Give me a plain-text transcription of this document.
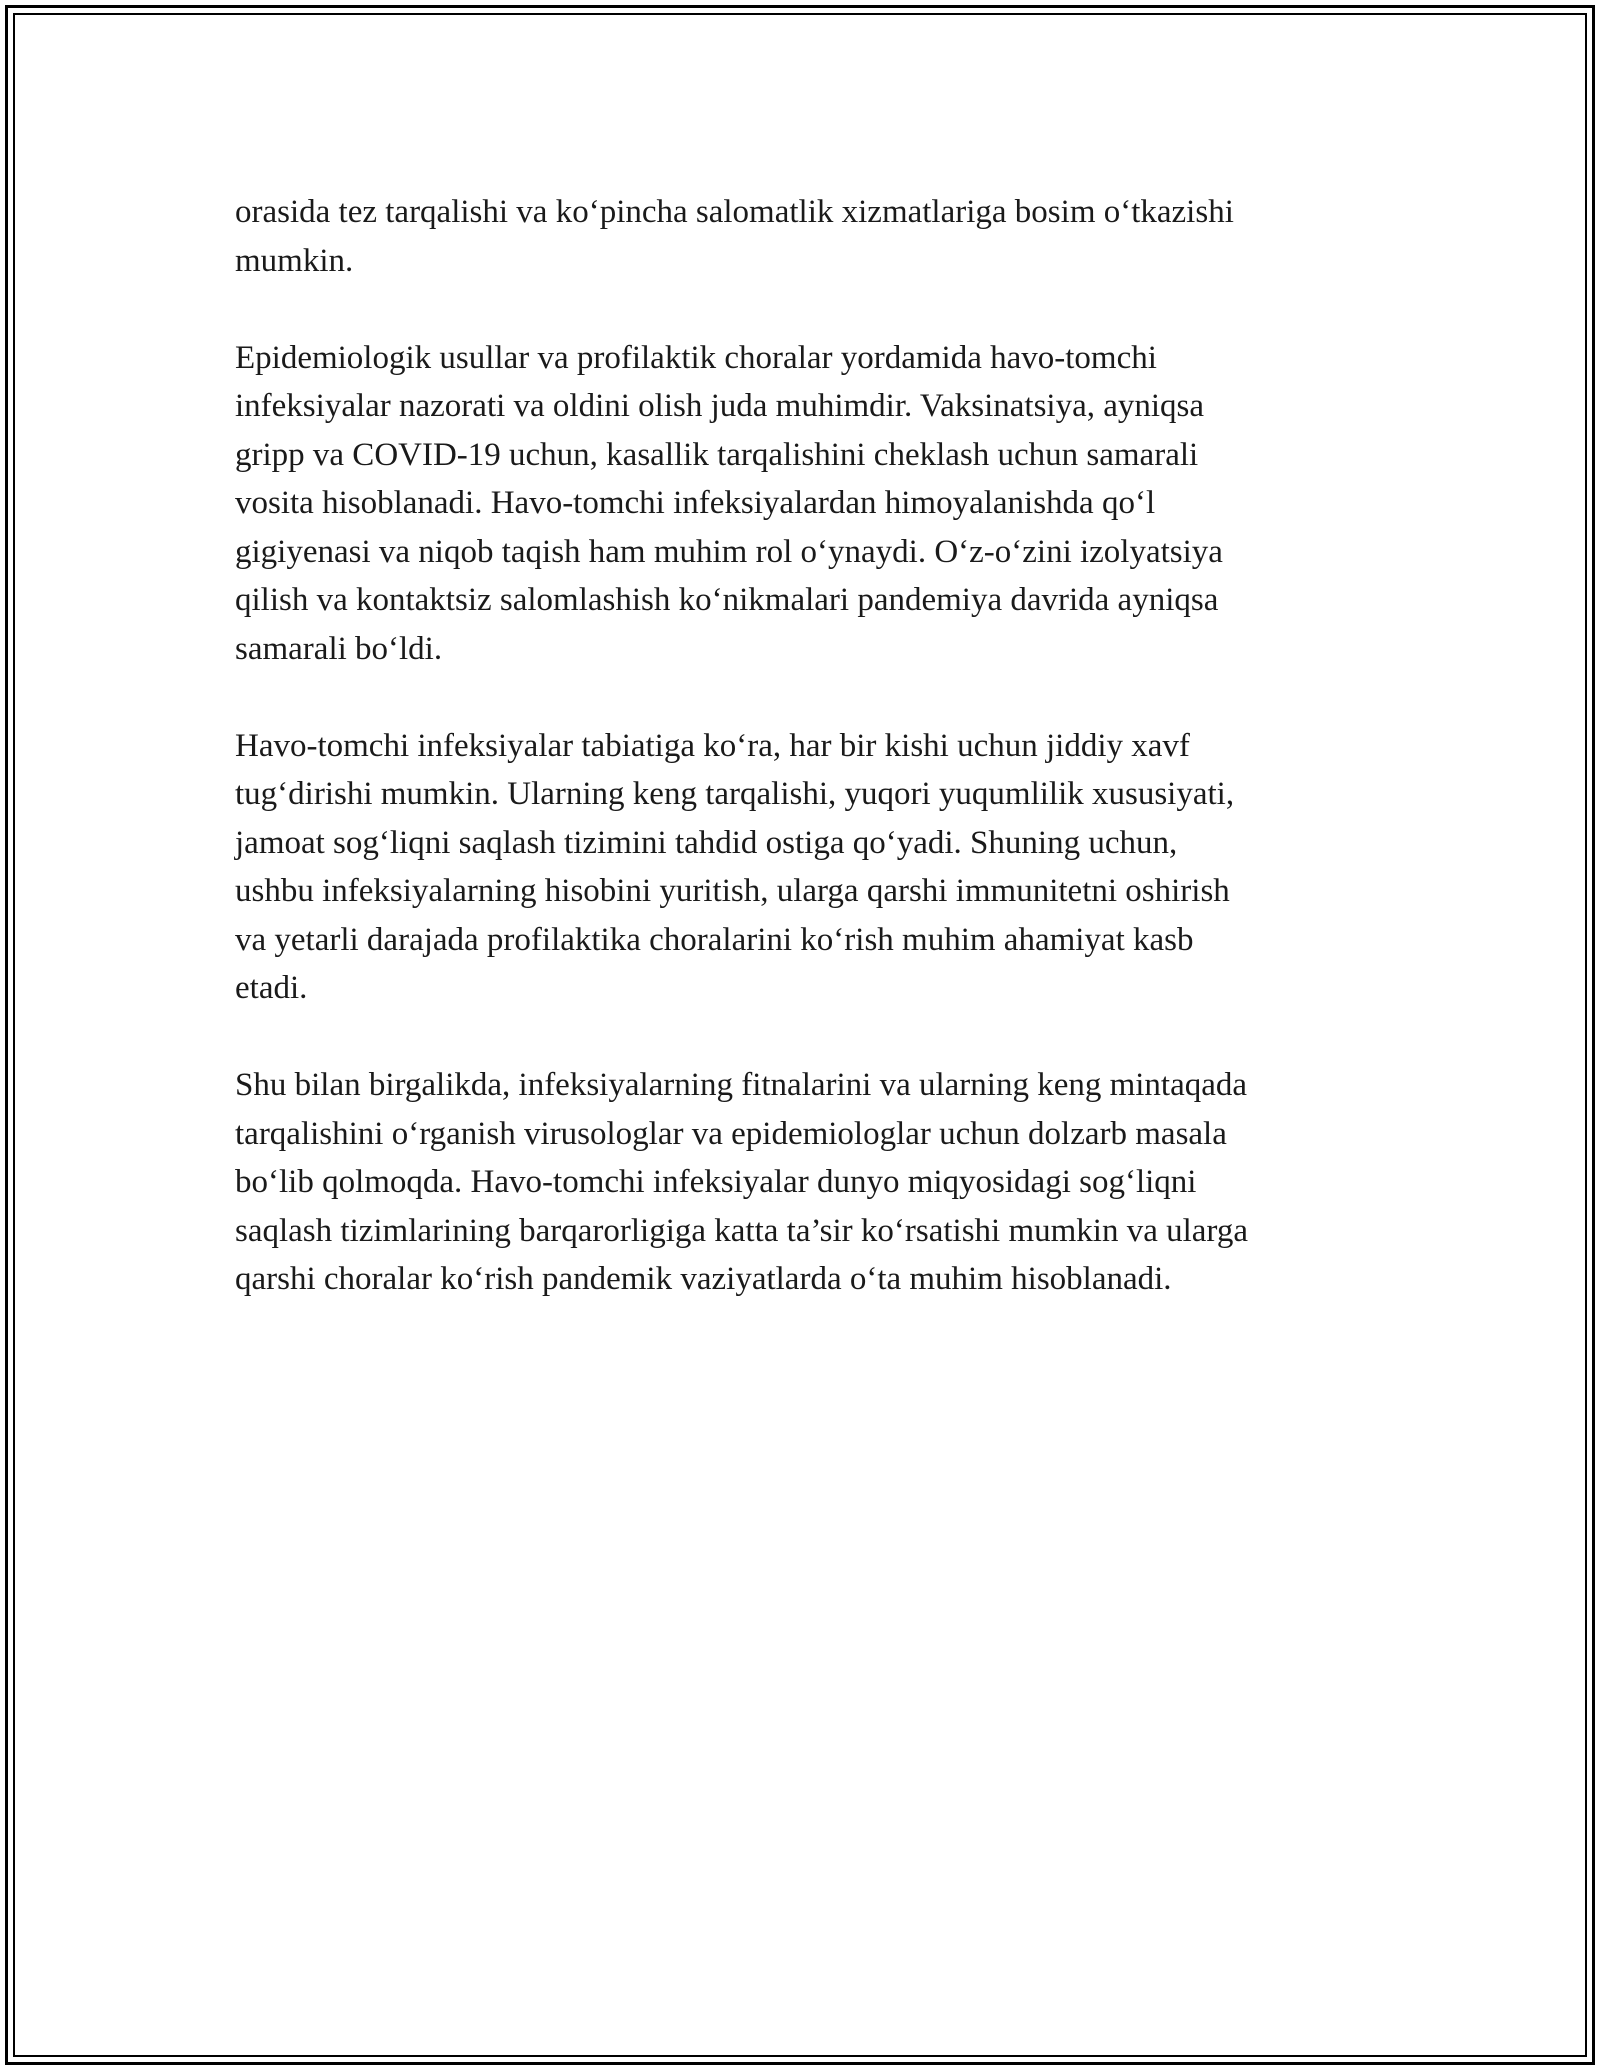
orasida tez tarqalishi va ko‘pincha salomatlik xizmatlariga bosim o‘tkazishi
mumkin.

Epidemiologik usullar va profilaktik choralar yordamida havo-tomchi
infeksiyalar nazorati va oldini olish juda muhimdir. Vaksinatsiya, ayniqsa
gripp va COVID-19 uchun, kasallik tarqalishini cheklash uchun samarali
vosita hisoblanadi. Havo-tomchi infeksiyalardan himoyalanishda qo‘l
gigiyenasi va niqob taqish ham muhim rol o‘ynaydi. O‘z-o‘zini izolyatsiya
qilish va kontaktsiz salomlashish ko‘nikmalari pandemiya davrida ayniqsa
samarali bo‘ldi.

Havo-tomchi infeksiyalar tabiatiga ko‘ra, har bir kishi uchun jiddiy xavf
tug‘dirishi mumkin. Ularning keng tarqalishi, yuqori yuqumlilik xususiyati,
jamoat sog‘liqni saqlash tizimini tahdid ostiga qo‘yadi. Shuning uchun,
ushbu infeksiyalarning hisobini yuritish, ularga qarshi immunitetni oshirish
va yetarli darajada profilaktika choralarini ko‘rish muhim ahamiyat kasb
etadi.

Shu bilan birgalikda, infeksiyalarning fitnalarini va ularning keng mintaqada
tarqalishini o‘rganish virusologlar va epidemiologlar uchun dolzarb masala
bo‘lib qolmoqda. Havo-tomchi infeksiyalar dunyo miqyosidagi sog‘liqni
saqlash tizimlarining barqarorligiga katta ta’sir ko‘rsatishi mumkin va ularga
qarshi choralar ko‘rish pandemik vaziyatlarda o‘ta muhim hisoblanadi.
